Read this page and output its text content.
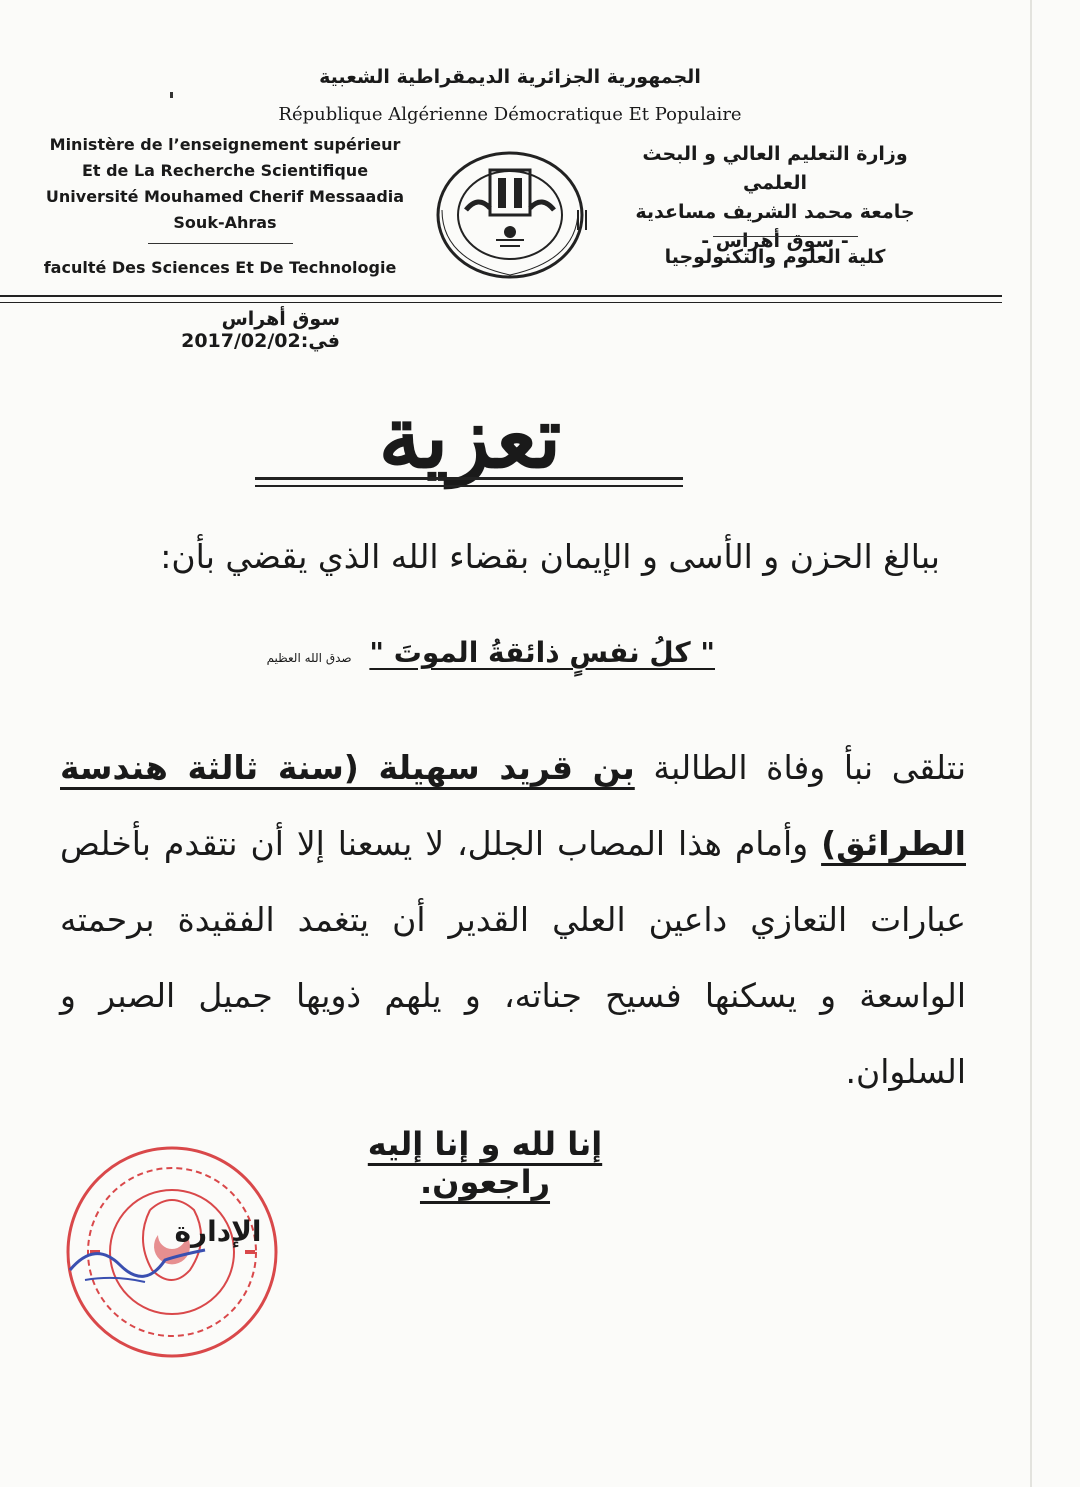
الجمهورية الجزائرية الديمقراطية الشعبية
République Algérienne Démocratique Et Populaire
Ministère de l’enseignement supérieur
Et de La Recherche Scientifique
Université Mouhamed Cherif Messaadia
Souk-Ahras
faculté Des Sciences Et De Technologie
وزارة التعليم العالي و البحث العلمي
جامعة محمد الشريف مساعدية
- سوق أهراس -
كلية العلوم والتكنولوجيا
سوق أهراس في:2017/02/02
تعزية
ببالغ الحزن و الأسى و الإيمان بقضاء الله الذي يقضي بأن:
" كلُ نفسٍ ذائقةُ الموتَ " صدق الله العظيم
نتلقى نبأ وفاة الطالبة بن قريد سهيلة (سنة ثالثة هندسة الطرائق) وأمام هذا المصاب الجلل، لا يسعنا إلا أن نتقدم بأخلص عبارات التعازي داعين العلي القدير أن يتغمد الفقيدة برحمته الواسعة و يسكنها فسيح جناته، و يلهم ذويها جميل الصبر و السلوان.
إنا لله و إنا إليه راجعون.
الإدارة
